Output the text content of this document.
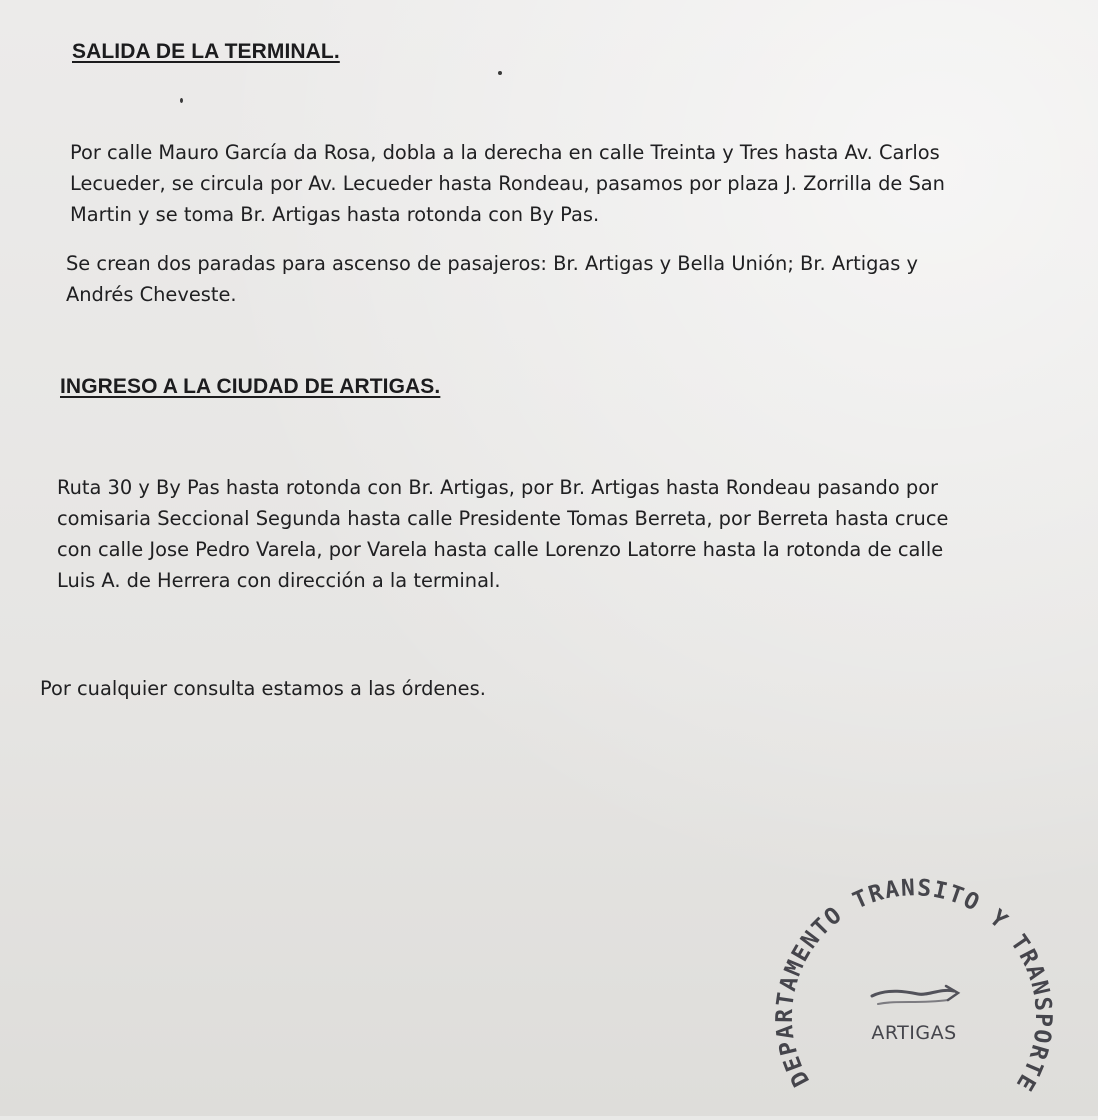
SALIDA DE LA TERMINAL.

Por calle Mauro García da Rosa, dobla a la derecha en calle Treinta y Tres hasta Av. Carlos
Lecueder, se circula por Av. Lecueder hasta Rondeau, pasamos por plaza J. Zorrilla de San
Martin y se toma Br. Artigas hasta rotonda con By Pas.

Se crean dos paradas para ascenso de pasajeros: Br. Artigas y Bella Unión; Br. Artigas y
Andrés Cheveste.

INGRESO A LA CIUDAD DE ARTIGAS.

Ruta 30 y By Pas hasta rotonda con Br. Artigas, por Br. Artigas hasta Rondeau pasando por
comisaria Seccional Segunda hasta calle Presidente Tomas Berreta, por Berreta hasta cruce
con calle Jose Pedro Varela, por Varela hasta calle Lorenzo Latorre hasta la rotonda de calle
Luis A. de Herrera con dirección a la terminal.

Por cualquier consulta estamos a las órdenes.

DEPARTAMENTO TRANSITO Y TRANSPORTE
ARTIGAS
